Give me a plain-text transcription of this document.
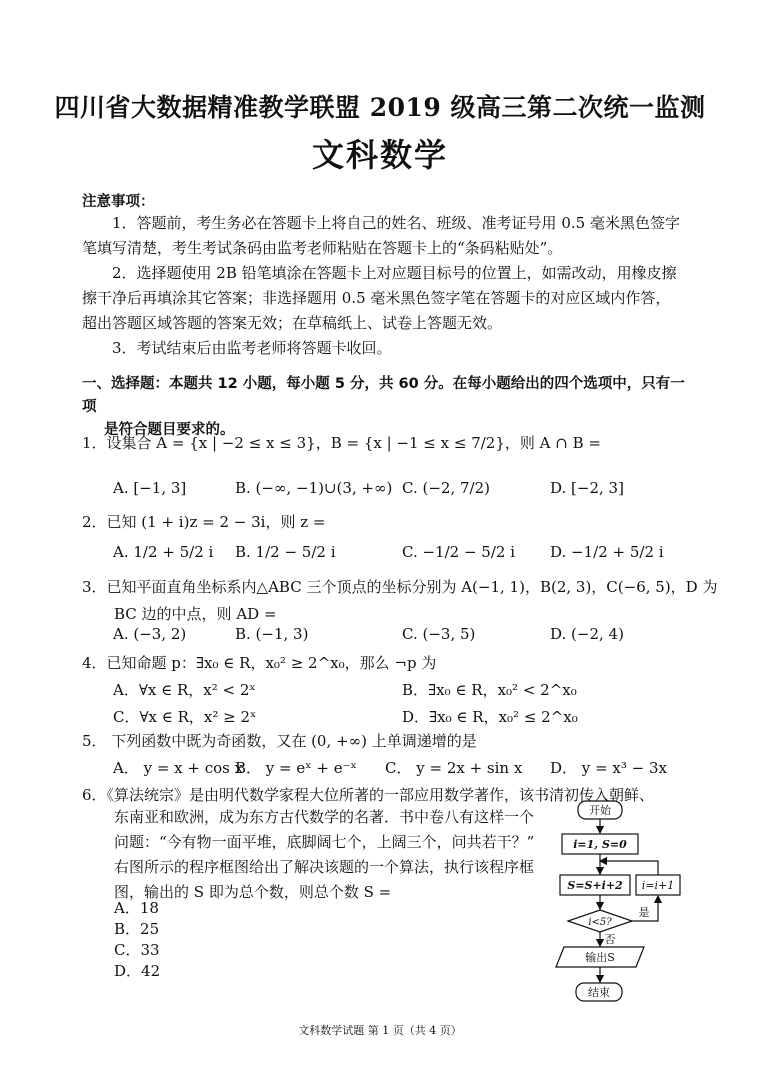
四川省大数据精准教学联盟 2019 级高三第二次统一监测
文科数学
注意事项：
1．答题前，考生务必在答题卡上将自己的姓名、班级、准考证号用 0.5 毫米黑色签字
笔填写清楚，考生考试条码由监考老师粘贴在答题卡上的“条码粘贴处”。
2．选择题使用 2B 铅笔填涂在答题卡上对应题目标号的位置上，如需改动，用橡皮擦
擦干净后再填涂其它答案；非选择题用 0.5 毫米黑色签字笔在答题卡的对应区域内作答，
超出答题区域答题的答案无效；在草稿纸上、试卷上答题无效。
3．考试结束后由监考老师将答题卡收回。
一、选择题：本题共 12 小题，每小题 5 分，共 60 分。在每小题给出的四个选项中，只有一项
是符合题目要求的。
1．设集合 A = {x | −2 ≤ x ≤ 3}，B = {x | −1 ≤ x ≤ 7/2}，则 A ∩ B =
A. [−1, 3]	B. (−∞, −1)∪(3, +∞) C. (−2, 7/2)	D. [−2, 3]
2．已知 (1 + i)z = 2 − 3i，则 z =
A. 1/2 + 5/2 i B. 1/2 − 5/2 i	C. −1/2 − 5/2 i D. −1/2 + 5/2 i
3．已知平面直角坐标系内△ABC 三个顶点的坐标分别为 A(−1, 1)，B(2, 3)，C(−6, 5)，D 为
BC 边的中点，则 AD =
A. (−3, 2)	B. (−1, 3)	C. (−3, 5)	D. (−2, 4)
4．已知命题 p：∃x₀ ∈ R，x₀² ≥ 2^x₀，那么 ¬p 为
A．∀x ∈ R，x² < 2ˣ	B．∃x₀ ∈ R，x₀² < 2^x₀
C．∀x ∈ R，x² ≥ 2ˣ	D．∃x₀ ∈ R，x₀² ≤ 2^x₀
5． 下列函数中既为奇函数，又在 (0, +∞) 上单调递增的是
A． y = x + cos x
B． y = eˣ + e⁻ˣ C． y = 2x + sin x D． y = x³ − 3x
6．《算法统宗》是由明代数学家程大位所著的一部应用数学著作，该书清初传入朝鲜、
东南亚和欧洲，成为东方古代数学的名著．书中卷八有这样一个
问题：“今有物一面平堆，底脚阔七个，上阔三个，问共若干？”
右图所示的程序框图给出了解决该题的一个算法，执行该程序框
图，输出的 S 即为总个数，则总个数 S =
A．18
B．25
C．33
D．42
开始
i=1, S=0
S=S+i+2 i=i+1
i<5?
是
否
输出S
结束
文科数学试题 第 1 页（共 4 页）
